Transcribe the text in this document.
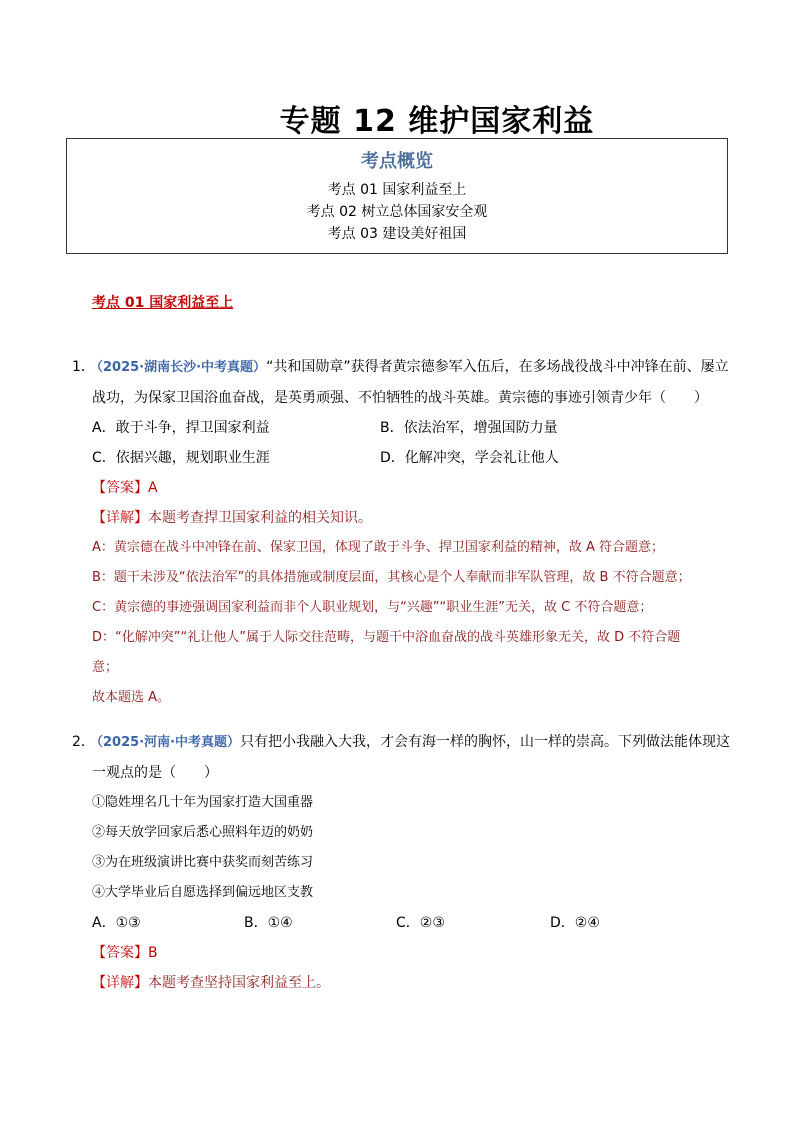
专题 12 维护国家利益
考点概览
考点 01 国家利益至上
考点 02 树立总体国家安全观
考点 03 建设美好祖国
考点 01 国家利益至上
1．（2025·湖南长沙·中考真题）“共和国勋章”获得者黄宗德参军入伍后，在多场战役战斗中冲锋在前、屡立
战功，为保家卫国浴血奋战，是英勇顽强、不怕牺牲的战斗英雄。黄宗德的事迹引领青少年（　　）
A．敢于斗争，捍卫国家利益	B．依法治军，增强国防力量
C．依据兴趣，规划职业生涯	D．化解冲突，学会礼让他人
【答案】A
【详解】本题考查捍卫国家利益的相关知识。
A：黄宗德在战斗中冲锋在前、保家卫国，体现了敢于斗争、捍卫国家利益的精神，故 A 符合题意；
B：题干未涉及“依法治军”的具体措施或制度层面，其核心是个人奉献而非军队管理，故 B 不符合题意；
C：黄宗德的事迹强调国家利益而非个人职业规划，与“兴趣”“职业生涯”无关，故 C 不符合题意；
D：“化解冲突”“礼让他人”属于人际交往范畴，与题干中浴血奋战的战斗英雄形象无关，故 D 不符合题
意；
故本题选 A。
2．（2025·河南·中考真题）只有把小我融入大我，才会有海一样的胸怀，山一样的崇高。下列做法能体现这
一观点的是（　　）
①隐姓埋名几十年为国家打造大国重器
②每天放学回家后悉心照料年迈的奶奶
③为在班级演讲比赛中获奖而刻苦练习
④大学毕业后自愿选择到偏远地区支教
A．①③	B．①④	C．②③	D．②④
【答案】B
【详解】本题考查坚持国家利益至上。
